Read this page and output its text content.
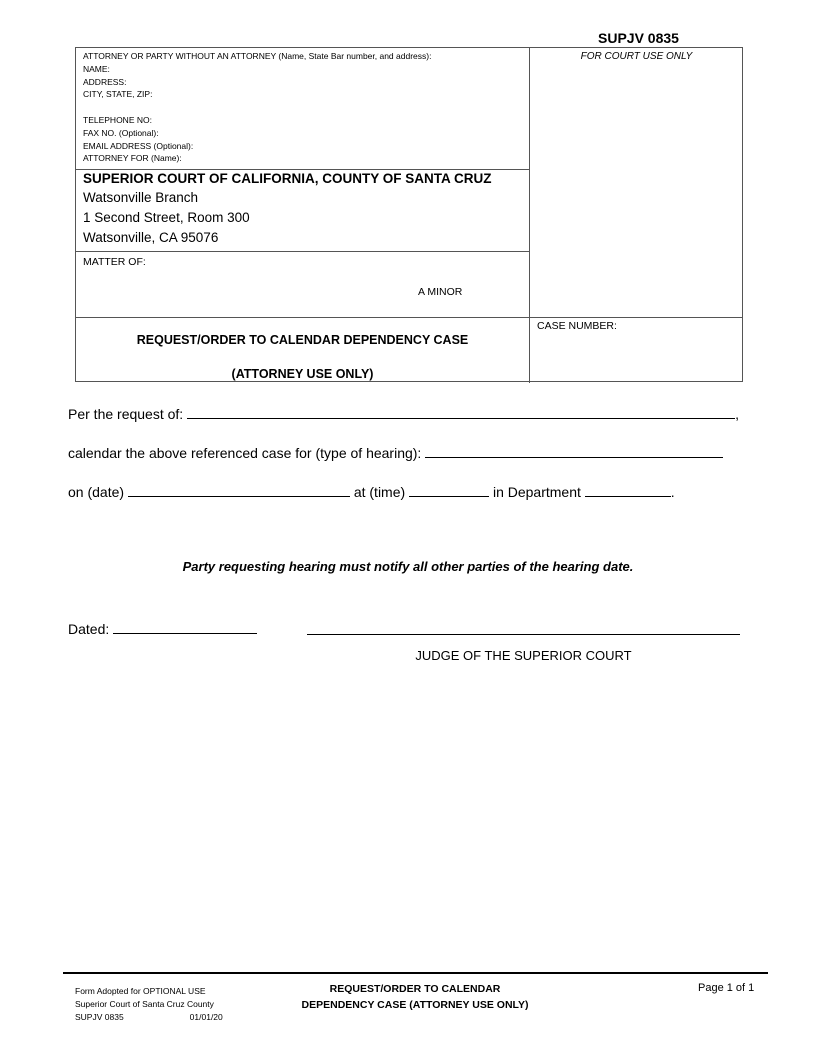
SUPJV 0835
ATTORNEY OR PARTY WITHOUT AN ATTORNEY (Name, State Bar number, and address):
NAME:
ADDRESS:
CITY, STATE, ZIP:
TELEPHONE NO:
FAX NO. (Optional):
EMAIL ADDRESS (Optional):
ATTORNEY FOR (Name):
FOR COURT USE ONLY
SUPERIOR COURT OF CALIFORNIA, COUNTY OF SANTA CRUZ
Watsonville Branch
1 Second Street, Room 300
Watsonville, CA 95076
MATTER OF:
A MINOR
CASE NUMBER:
REQUEST/ORDER TO CALENDAR DEPENDENCY CASE
(ATTORNEY USE ONLY)
Per the request of:	,
calendar the above referenced case for (type of hearing):
on (date)	at (time)	in Department	.
Party requesting hearing must notify all other parties of the hearing date.
Dated:
JUDGE OF THE SUPERIOR COURT
Form Adopted for OPTIONAL USE
Superior Court of Santa Cruz County
SUPJV 0835	01/01/20
REQUEST/ORDER TO CALENDAR DEPENDENCY CASE (ATTORNEY USE ONLY)
Page 1 of 1
